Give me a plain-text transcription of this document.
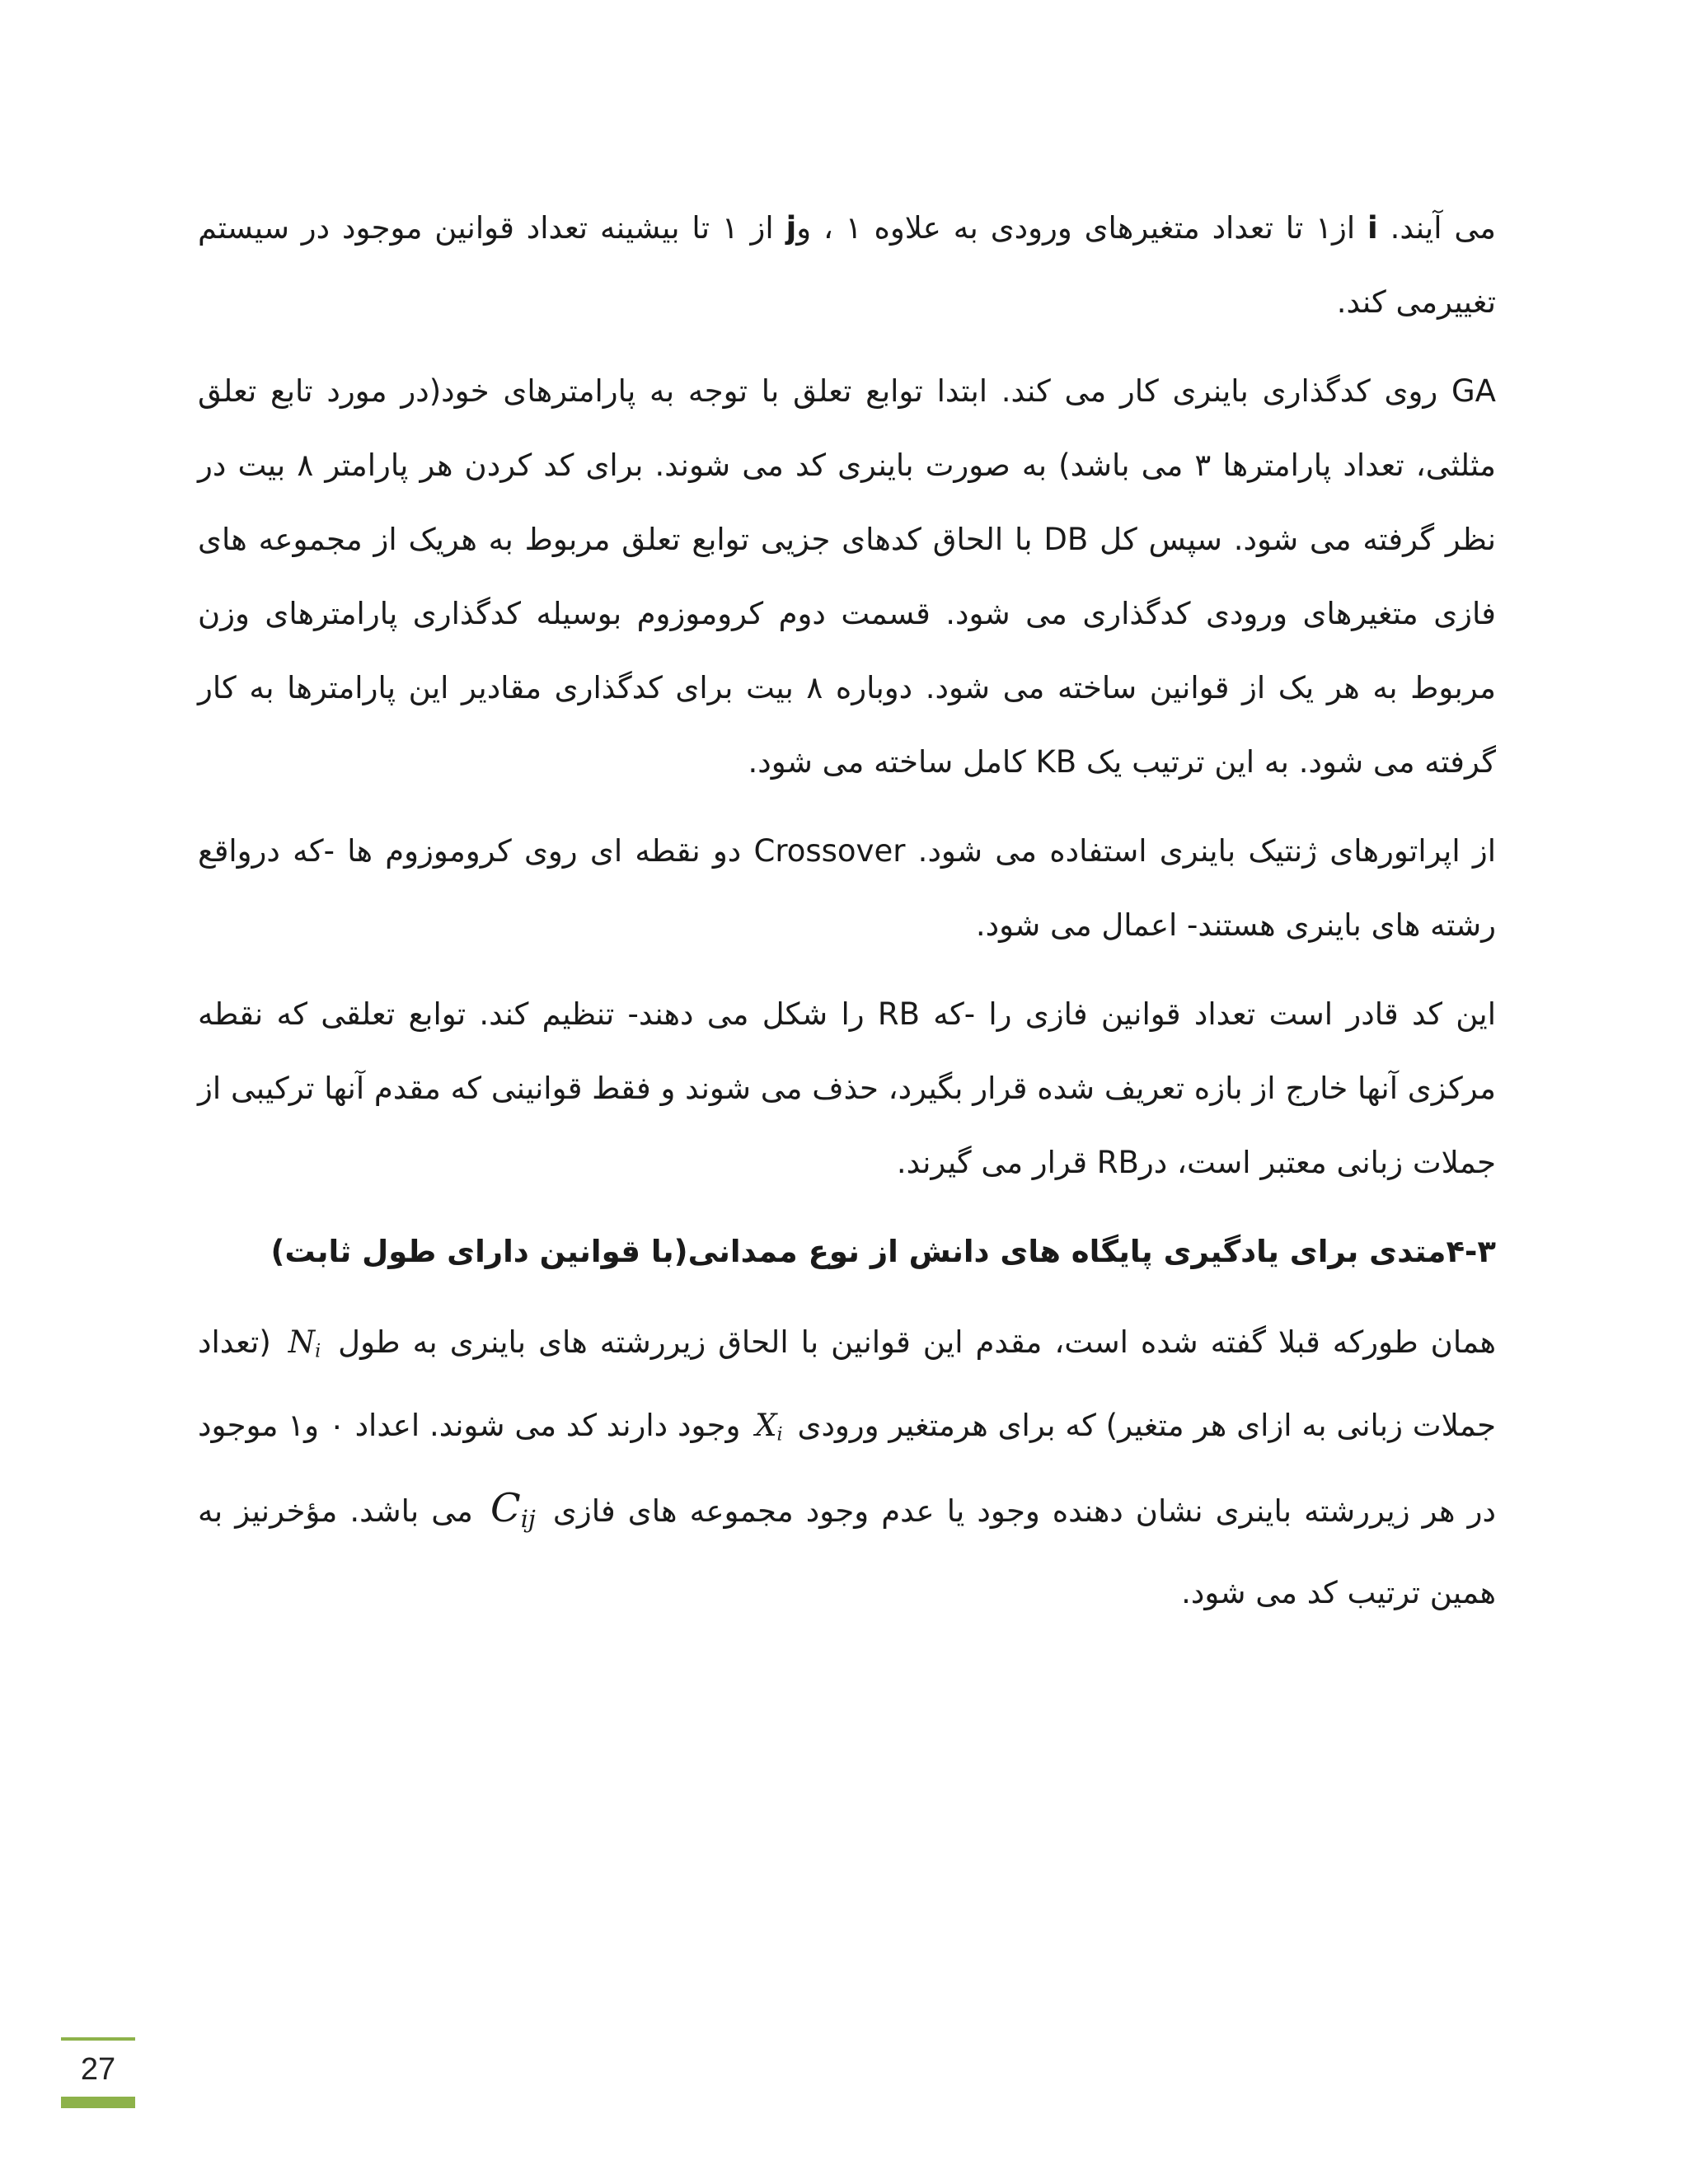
می آیند. i از۱ تا تعداد متغیرهای ورودی به علاوه ۱ ، وj از ۱ تا بیشینه تعداد قوانین موجود در سیستم تغییرمی کند.

GA روی کدگذاری باینری کار می کند. ابتدا توابع تعلق با توجه به پارامترهای خود(در مورد تابع تعلق مثلثی، تعداد پارامترها ۳ می باشد) به صورت باینری کد می شوند. برای کد کردن هر پارامتر ۸ بیت در نظر گرفته می شود. سپس کل DB با الحاق کدهای جزیی توابع تعلق مربوط به هریک از مجموعه های فازی متغیرهای ورودی کدگذاری می شود. قسمت دوم کروموزوم بوسیله کدگذاری پارامترهای وزن مربوط به هر یک از قوانین ساخته می شود. دوباره ۸ بیت برای کدگذاری مقادیر این پارامترها به کار گرفته می شود. به این ترتیب یک KB کامل ساخته می شود.

از اپراتورهای ژنتیک باینری استفاده می شود. Crossover دو نقطه ای روی کروموزوم ها -که درواقع رشته های باینری هستند- اعمال می شود.

این کد قادر است تعداد قوانین فازی را -که RB را شکل می دهند- تنظیم کند. توابع تعلقی که نقطه مرکزی آنها خارج از بازه تعریف شده قرار بگیرد، حذف می شوند و فقط قوانینی که مقدم آنها ترکیبی از جملات زبانی معتبر است، درRB قرار می گیرند.

۴-۳متدی برای یادگیری پایگاه های دانش از نوع ممدانی(با قوانین دارای طول ثابت)

همان طورکه قبلا گفته شده است، مقدم این قوانین با الحاق زیررشته های باینری به طول $N_i$ (تعداد جملات زبانی به ازای هر متغیر) که برای هرمتغیر ورودی $X_i$ وجود دارند کد می شوند. اعداد ۰ و۱ موجود در هر زیررشته باینری نشان دهنده وجود یا عدم وجود مجموعه های فازی $C_{ij}$ می باشد. مؤخرنیز به همین ترتیب کد می شود.

27
